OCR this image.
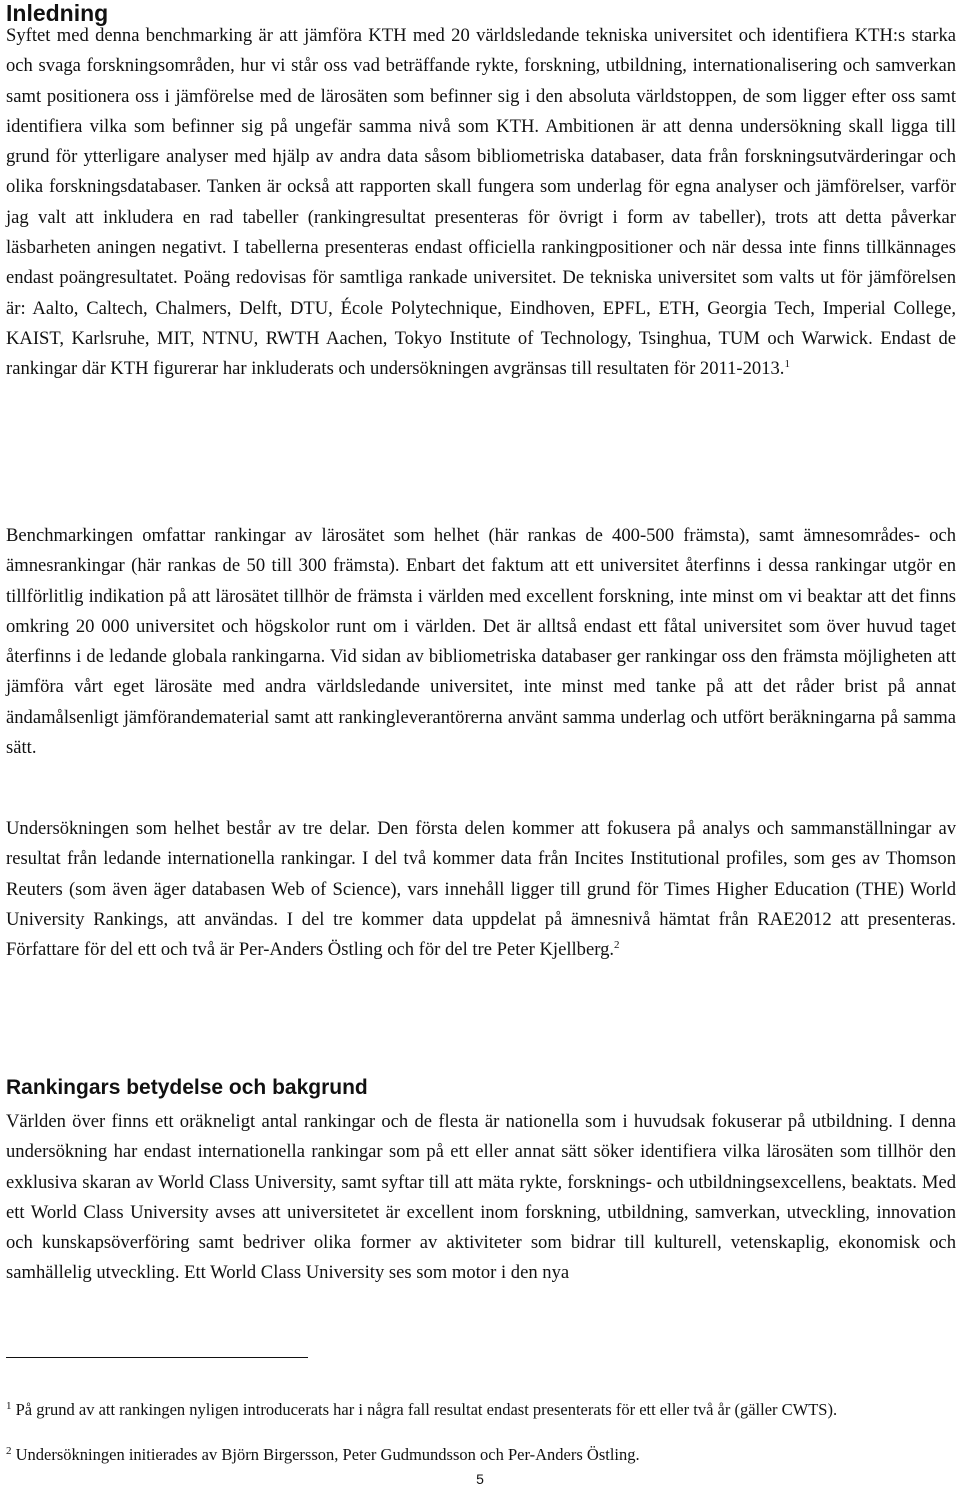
Inledning

Syftet med denna benchmarking är att jämföra KTH med 20 världsledande tekniska universitet och identifiera KTH:s starka och svaga forskningsområden, hur vi står oss vad beträffande rykte, forskning, utbildning, internationalisering och samverkan samt positionera oss i jämförelse med de lärosäten som befinner sig i den absoluta världstoppen, de som ligger efter oss samt identifiera vilka som befinner sig på ungefär samma nivå som KTH. Ambitionen är att denna undersökning skall ligga till grund för ytterligare analyser med hjälp av andra data såsom bibliometriska databaser, data från forskningsutvärderingar och olika forskningsdatabaser. Tanken är också att rapporten skall fungera som underlag för egna analyser och jämförelser, varför jag valt att inkludera en rad tabeller (rankingresultat presenteras för övrigt i form av tabeller), trots att detta påverkar läsbarheten aningen negativt. I tabellerna presenteras endast officiella rankingpositioner och när dessa inte finns tillkännages endast poängresultatet. Poäng redovisas för samtliga rankade universitet. De tekniska universitet som valts ut för jämförelsen är: Aalto, Caltech, Chalmers, Delft, DTU, École Polytechnique, Eindhoven, EPFL, ETH, Georgia Tech, Imperial College, KAIST, Karlsruhe, MIT, NTNU, RWTH Aachen, Tokyo Institute of Technology, Tsinghua, TUM och Warwick. Endast de rankingar där KTH figurerar har inkluderats och undersökningen avgränsas till resultaten för 2011-2013.$^1$

Benchmarkingen omfattar rankingar av lärosätet som helhet (här rankas de 400-500 främsta), samt ämnesområdes- och ämnesrankingar (här rankas de 50 till 300 främsta). Enbart det faktum att ett universitet återfinns i dessa rankingar utgör en tillförlitlig indikation på att lärosätet tillhör de främsta i världen med excellent forskning, inte minst om vi beaktar att det finns omkring 20 000 universitet och högskolor runt om i världen. Det är alltså endast ett fåtal universitet som över huvud taget återfinns i de ledande globala rankingarna. Vid sidan av bibliometriska databaser ger rankingar oss den främsta möjligheten att jämföra vårt eget lärosäte med andra världsledande universitet, inte minst med tanke på att det råder brist på annat ändamålsenligt jämförandematerial samt att rankingleverantörerna använt samma underlag och utfört beräkningarna på samma sätt.

Undersökningen som helhet består av tre delar. Den första delen kommer att fokusera på analys och sammanställningar av resultat från ledande internationella rankingar. I del två kommer data från Incites Institutional profiles, som ges av Thomson Reuters (som även äger databasen Web of Science), vars innehåll ligger till grund för Times Higher Education (THE) World University Rankings, att användas. I del tre kommer data uppdelat på ämnesnivå hämtat från RAE2012 att presenteras. Författare för del ett och två är Per-Anders Östling och för del tre Peter Kjellberg.$^2$

Rankingars betydelse och bakgrund

Världen över finns ett oräkneligt antal rankingar och de flesta är nationella som i huvudsak fokuserar på utbildning. I denna undersökning har endast internationella rankingar som på ett eller annat sätt söker identifiera vilka lärosäten som tillhör den exklusiva skaran av World Class University, samt syftar till att mäta rykte, forsknings- och utbildningsexcellens, beaktats. Med ett World Class University avses att universitetet är excellent inom forskning, utbildning, samverkan, utveckling, innovation och kunskapsöverföring samt bedriver olika former av aktiviteter som bidrar till kulturell, vetenskaplig, ekonomisk och samhällelig utveckling. Ett World Class University ses som motor i den nya

$^1$ På grund av att rankingen nyligen introducerats har i några fall resultat endast presenterats för ett eller två år (gäller CWTS).

$^2$ Undersökningen initierades av Björn Birgersson, Peter Gudmundsson och Per-Anders Östling.

5
